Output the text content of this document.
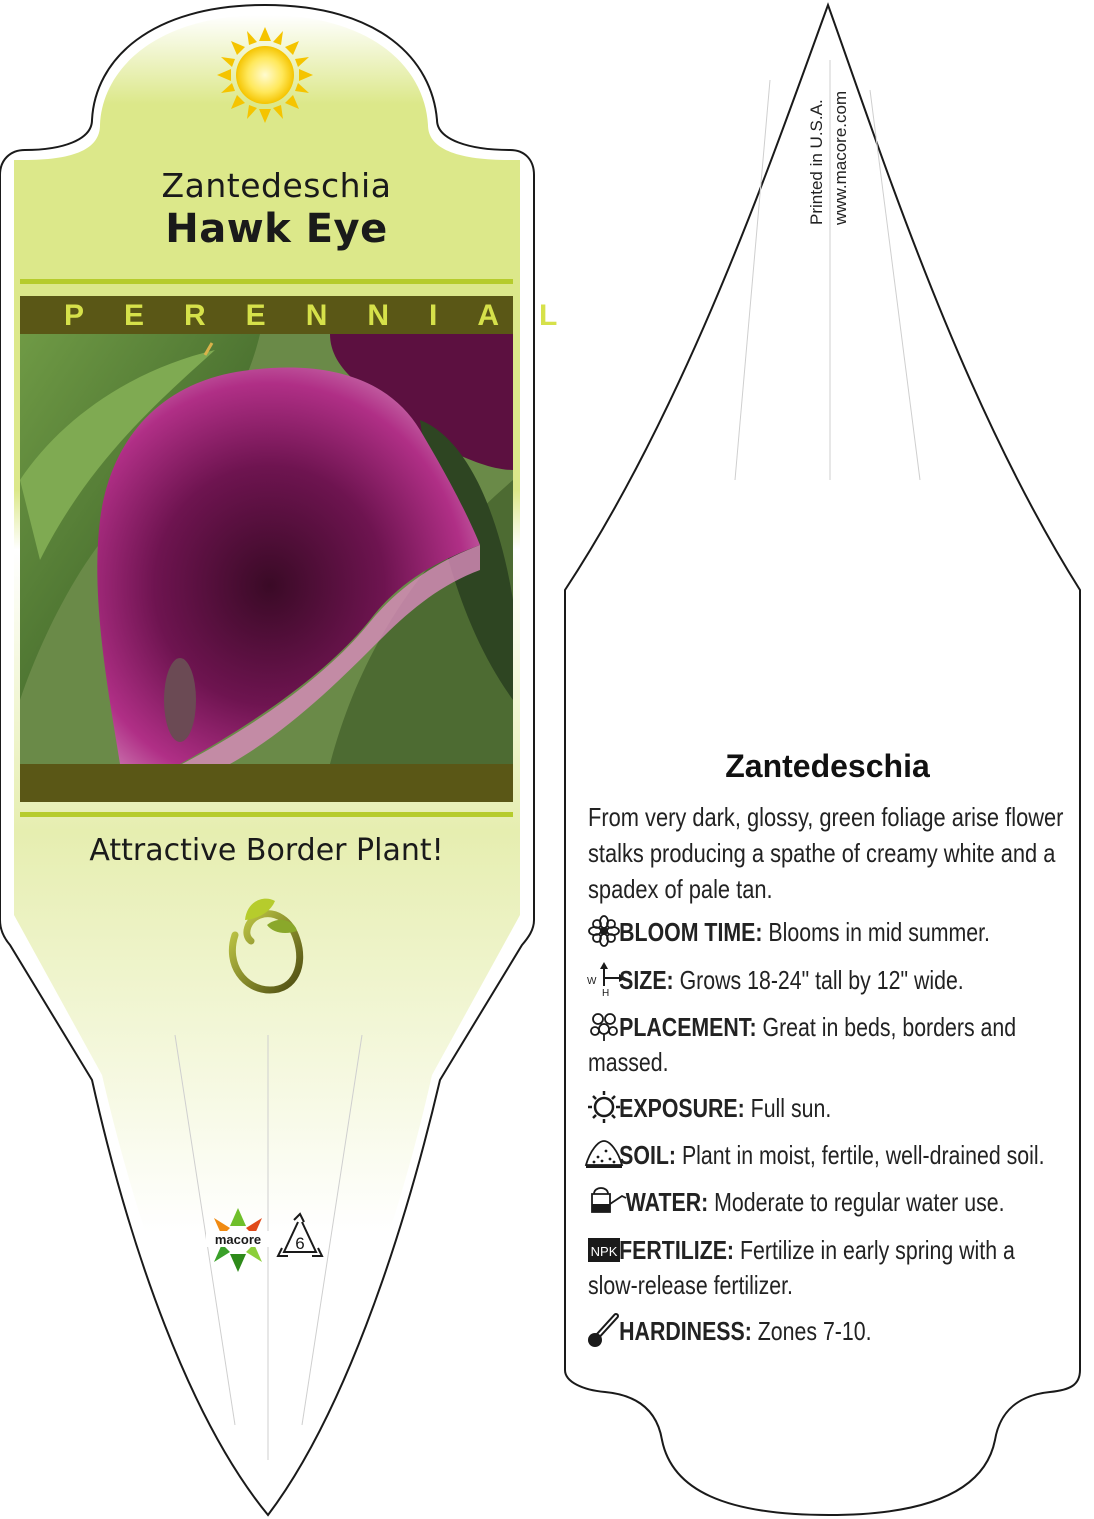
macore 6
W
H
NPK
Zantedeschia
Hawk Eye
PERENNIAL
Attractive Border Plant!
Printed in U.S.A. www.macore.com
Zantedeschia
From very dark, glossy, green foliage arise flower stalks producing a spathe of creamy white and a spadex of pale tan.
BLOOM TIME: Blooms in mid summer.
SIZE: Grows 18-24" tall by 12" wide.
PLACEMENT: Great in beds, borders and massed.
EXPOSURE: Full sun.
SOIL: Plant in moist, fertile, well-drained soil.
WATER: Moderate to regular water use.
FERTILIZE: Fertilize in early spring with a slow-release fertilizer.
HARDINESS: Zones 7-10.
